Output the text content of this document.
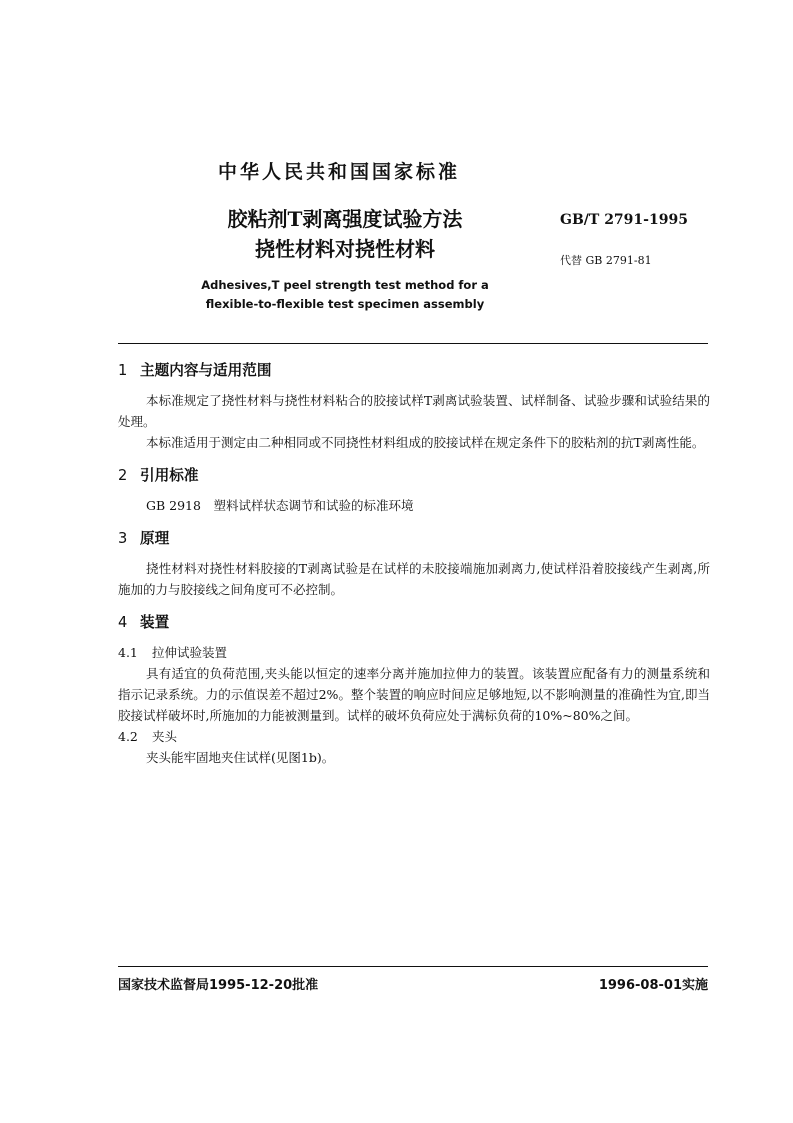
中华人民共和国国家标准
胶粘剂T剥离强度试验方法
挠性材料对挠性材料
GB/T 2791-1995
代替 GB 2791-81
Adhesives,T peel strength test method for a
flexible-to-flexible test specimen assembly
1 主题内容与适用范围

本标准规定了挠性材料与挠性材料粘合的胶接试样T剥离试验装置、试样制备、试验步骤和试验结果的处理。

本标准适用于测定由二种相同或不同挠性材料组成的胶接试样在规定条件下的胶粘剂的抗T剥离性能。

2 引用标准

GB 2918　塑料试样状态调节和试验的标准环境

3 原理

挠性材料对挠性材料胶接的T剥离试验是在试样的未胶接端施加剥离力,使试样沿着胶接线产生剥离,所施加的力与胶接线之间角度可不必控制。

4 装置

4.1 拉伸试验装置

具有适宜的负荷范围,夹头能以恒定的速率分离并施加拉伸力的装置。该装置应配备有力的测量系统和指示记录系统。力的示值误差不超过2%。整个装置的响应时间应足够地短,以不影响测量的准确性为宜,即当胶接试样破坏时,所施加的力能被测量到。试样的破坏负荷应处于满标负荷的10%~80%之间。

4.2 夹头

夹头能牢固地夹住试样(见图1b)。

国家技术监督局1995-12-20批准	1996-08-01实施
